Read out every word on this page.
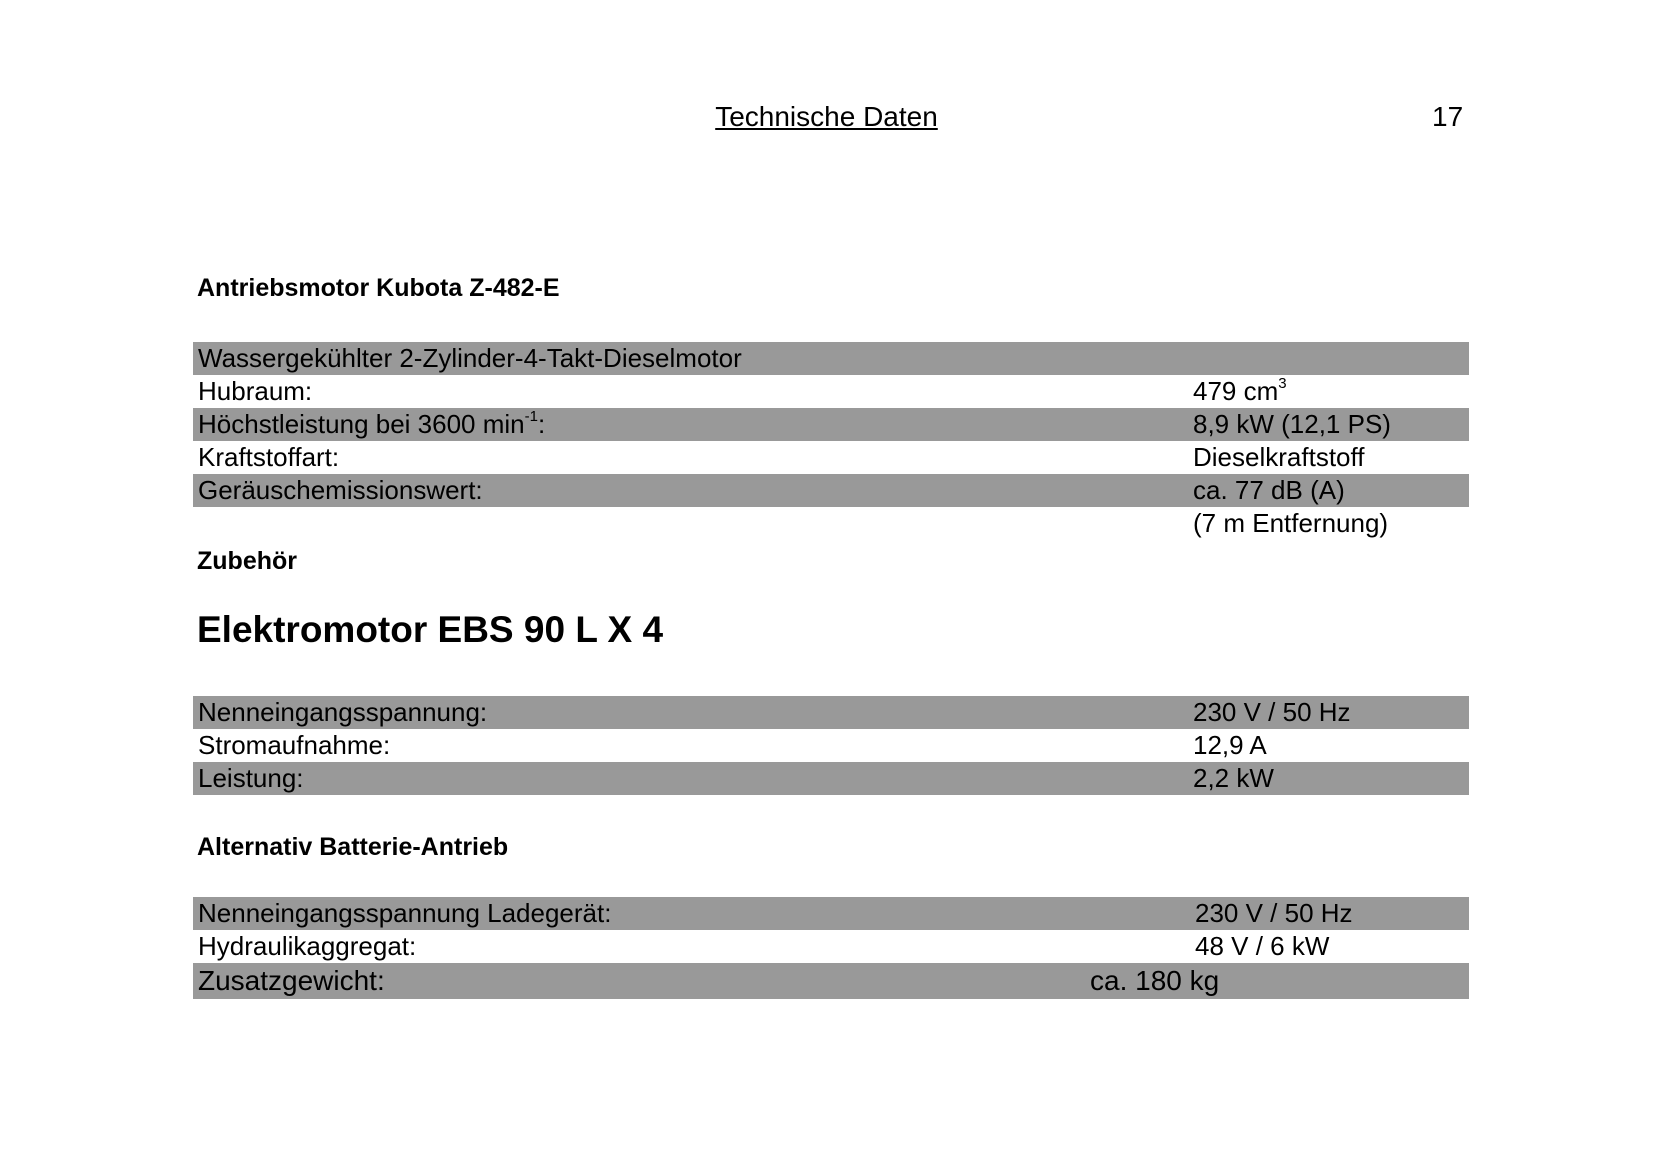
Technische Daten	17
Antriebsmotor Kubota Z-482-E
Wassergekühlter 2-Zylinder-4-Takt-Dieselmotor
Hubraum:	479 $cm^3$
Höchstleistung bei 3600 $\min^{-1}$:	8,9 kW (12,1 PS)
Kraftstoffart:	Dieselkraftstoff
Geräuschemissionswert:	ca. 77 dB (A)
(7 m Entfernung)
Zubehör
Elektromotor EBS 90 L X 4
Nenneingangsspannung:	230 V / 50 Hz
Stromaufnahme:	12,9 A
Leistung:	2,2 kW
Alternativ Batterie-Antrieb
Nenneingangsspannung Ladegerät:	230 V / 50 Hz
Hydraulikaggregat:	48 V / 6 kW
Zusatzgewicht:	ca. 180 kg
